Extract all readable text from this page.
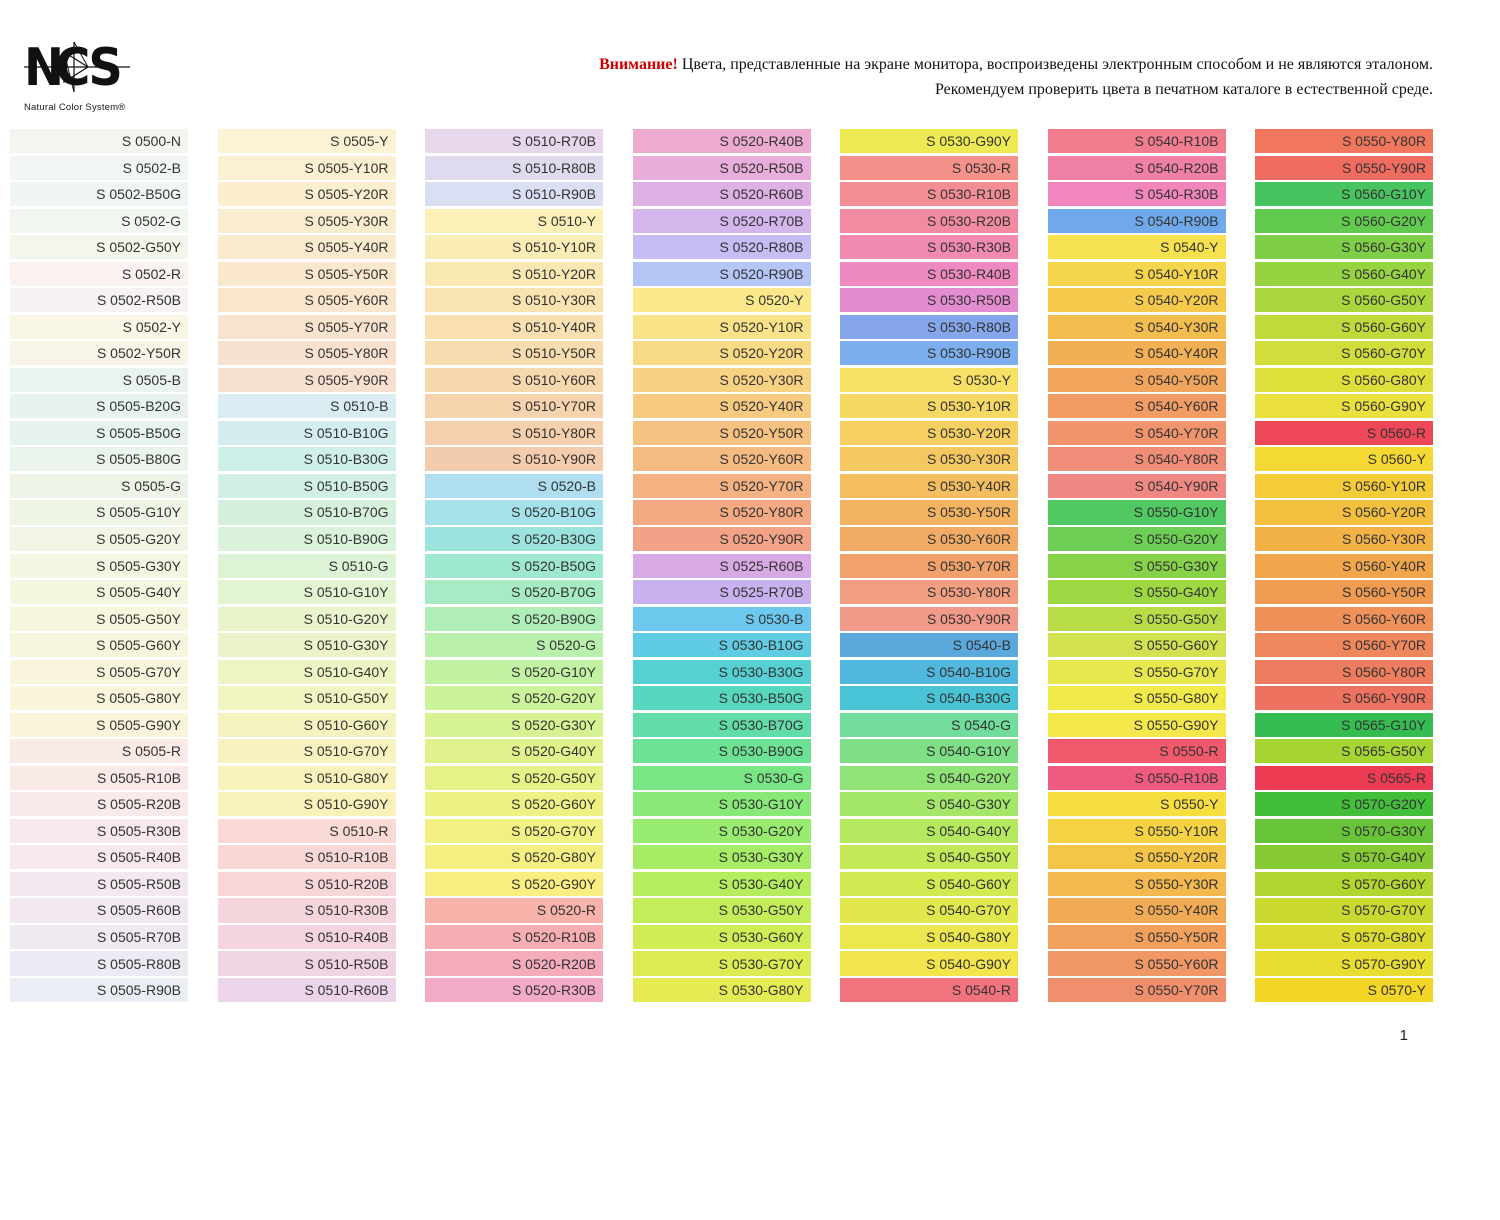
N
C
S
Natural Color System®
Внимание! Цвета, представленные на экране монитора, воспроизведены электронным способом и не являются эталоном.
Рекомендуем проверить цвета в печатном каталоге в естественной среде.
S 0500-N
S 0502-B
S 0502-B50G
S 0502-G
S 0502-G50Y
S 0502-R
S 0502-R50B
S 0502-Y
S 0502-Y50R
S 0505-B
S 0505-B20G
S 0505-B50G
S 0505-B80G
S 0505-G
S 0505-G10Y
S 0505-G20Y
S 0505-G30Y
S 0505-G40Y
S 0505-G50Y
S 0505-G60Y
S 0505-G70Y
S 0505-G80Y
S 0505-G90Y
S 0505-R
S 0505-R10B
S 0505-R20B
S 0505-R30B
S 0505-R40B
S 0505-R50B
S 0505-R60B
S 0505-R70B
S 0505-R80B
S 0505-R90B
S 0505-Y
S 0505-Y10R
S 0505-Y20R
S 0505-Y30R
S 0505-Y40R
S 0505-Y50R
S 0505-Y60R
S 0505-Y70R
S 0505-Y80R
S 0505-Y90R
S 0510-B
S 0510-B10G
S 0510-B30G
S 0510-B50G
S 0510-B70G
S 0510-B90G
S 0510-G
S 0510-G10Y
S 0510-G20Y
S 0510-G30Y
S 0510-G40Y
S 0510-G50Y
S 0510-G60Y
S 0510-G70Y
S 0510-G80Y
S 0510-G90Y
S 0510-R
S 0510-R10B
S 0510-R20B
S 0510-R30B
S 0510-R40B
S 0510-R50B
S 0510-R60B
S 0510-R70B
S 0510-R80B
S 0510-R90B
S 0510-Y
S 0510-Y10R
S 0510-Y20R
S 0510-Y30R
S 0510-Y40R
S 0510-Y50R
S 0510-Y60R
S 0510-Y70R
S 0510-Y80R
S 0510-Y90R
S 0520-B
S 0520-B10G
S 0520-B30G
S 0520-B50G
S 0520-B70G
S 0520-B90G
S 0520-G
S 0520-G10Y
S 0520-G20Y
S 0520-G30Y
S 0520-G40Y
S 0520-G50Y
S 0520-G60Y
S 0520-G70Y
S 0520-G80Y
S 0520-G90Y
S 0520-R
S 0520-R10B
S 0520-R20B
S 0520-R30B
S 0520-R40B
S 0520-R50B
S 0520-R60B
S 0520-R70B
S 0520-R80B
S 0520-R90B
S 0520-Y
S 0520-Y10R
S 0520-Y20R
S 0520-Y30R
S 0520-Y40R
S 0520-Y50R
S 0520-Y60R
S 0520-Y70R
S 0520-Y80R
S 0520-Y90R
S 0525-R60B
S 0525-R70B
S 0530-B
S 0530-B10G
S 0530-B30G
S 0530-B50G
S 0530-B70G
S 0530-B90G
S 0530-G
S 0530-G10Y
S 0530-G20Y
S 0530-G30Y
S 0530-G40Y
S 0530-G50Y
S 0530-G60Y
S 0530-G70Y
S 0530-G80Y
S 0530-G90Y
S 0530-R
S 0530-R10B
S 0530-R20B
S 0530-R30B
S 0530-R40B
S 0530-R50B
S 0530-R80B
S 0530-R90B
S 0530-Y
S 0530-Y10R
S 0530-Y20R
S 0530-Y30R
S 0530-Y40R
S 0530-Y50R
S 0530-Y60R
S 0530-Y70R
S 0530-Y80R
S 0530-Y90R
S 0540-B
S 0540-B10G
S 0540-B30G
S 0540-G
S 0540-G10Y
S 0540-G20Y
S 0540-G30Y
S 0540-G40Y
S 0540-G50Y
S 0540-G60Y
S 0540-G70Y
S 0540-G80Y
S 0540-G90Y
S 0540-R
S 0540-R10B
S 0540-R20B
S 0540-R30B
S 0540-R90B
S 0540-Y
S 0540-Y10R
S 0540-Y20R
S 0540-Y30R
S 0540-Y40R
S 0540-Y50R
S 0540-Y60R
S 0540-Y70R
S 0540-Y80R
S 0540-Y90R
S 0550-G10Y
S 0550-G20Y
S 0550-G30Y
S 0550-G40Y
S 0550-G50Y
S 0550-G60Y
S 0550-G70Y
S 0550-G80Y
S 0550-G90Y
S 0550-R
S 0550-R10B
S 0550-Y
S 0550-Y10R
S 0550-Y20R
S 0550-Y30R
S 0550-Y40R
S 0550-Y50R
S 0550-Y60R
S 0550-Y70R
S 0550-Y80R
S 0550-Y90R
S 0560-G10Y
S 0560-G20Y
S 0560-G30Y
S 0560-G40Y
S 0560-G50Y
S 0560-G60Y
S 0560-G70Y
S 0560-G80Y
S 0560-G90Y
S 0560-R
S 0560-Y
S 0560-Y10R
S 0560-Y20R
S 0560-Y30R
S 0560-Y40R
S 0560-Y50R
S 0560-Y60R
S 0560-Y70R
S 0560-Y80R
S 0560-Y90R
S 0565-G10Y
S 0565-G50Y
S 0565-R
S 0570-G20Y
S 0570-G30Y
S 0570-G40Y
S 0570-G60Y
S 0570-G70Y
S 0570-G80Y
S 0570-G90Y
S 0570-Y
1
